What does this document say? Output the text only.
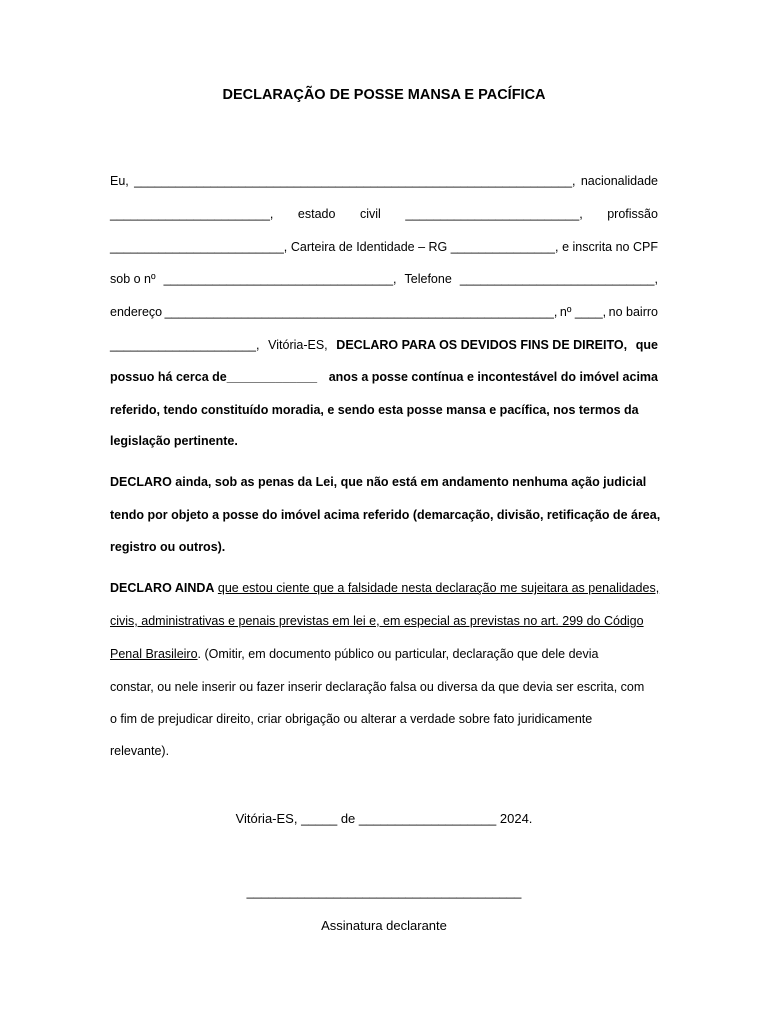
DECLARAÇÃO DE POSSE MANSA E PACÍFICA
Eu, _______________________________________________________________, nacionalidade
_______________________, estado civil _________________________, profissão
_________________________, Carteira de Identidade – RG _______________, e inscrita no CPF
sob o nº _________________________________, Telefone ____________________________,
endereço ________________________________________________________, nº ____, no bairro
_____________________, Vitória-ES, DECLARO PARA OS DEVIDOS FINS DE DIREITO, que
possuo há cerca de_____________ anos a posse contínua e incontestável do imóvel acima
referido, tendo constituído moradia, e sendo esta posse mansa e pacífica, nos termos da
legislação pertinente.
DECLARO ainda, sob as penas da Lei, que não está em andamento nenhuma ação judicial
tendo por objeto a posse do imóvel acima referido (demarcação, divisão, retificação de área,
registro ou outros).
DECLARO AINDA que estou ciente que a falsidade nesta declaração me sujeitara as penalidades,
civis, administrativas e penais previstas em lei e, em especial as previstas no art. 299 do Código
Penal Brasileiro. (Omitir, em documento público ou particular, declaração que dele devia
constar, ou nele inserir ou fazer inserir declaração falsa ou diversa da que devia ser escrita, com
o fim de prejudicar direito, criar obrigação ou alterar a verdade sobre fato juridicamente
relevante).
Vitória-ES, _____ de ___________________ 2024.
______________________________________
Assinatura declarante
